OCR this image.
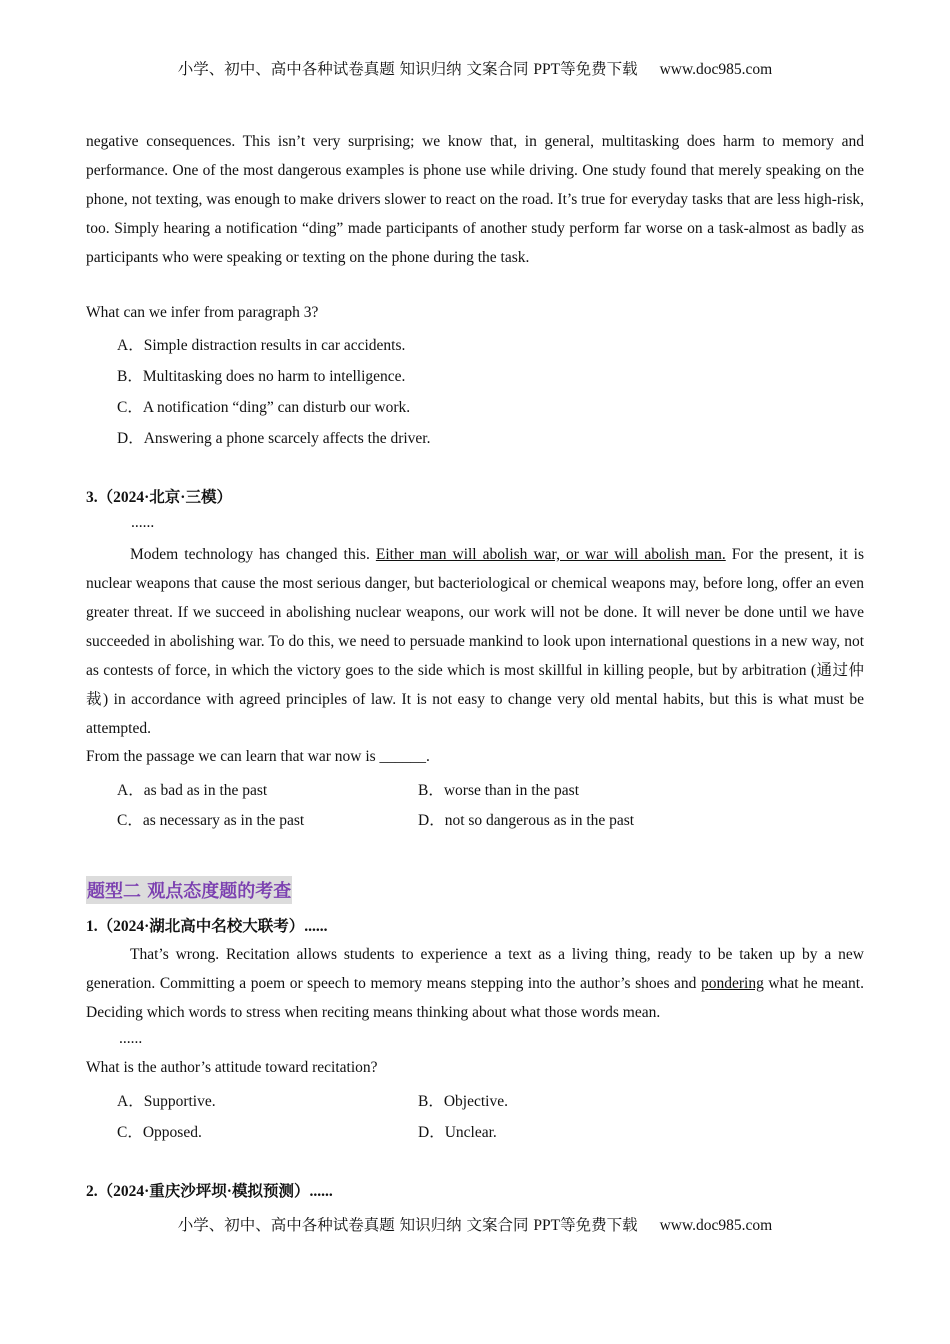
小学、初中、高中各种试卷真题 知识归纳 文案合同 PPT等免费下载 www.doc985.com
negative consequences. This isn’t very surprising; we know that, in general, multitasking does harm to memory and performance. One of the most dangerous examples is phone use while driving. One study found that merely speaking on the phone, not texting, was enough to make drivers slower to react on the road. It’s true for everyday tasks that are less high-risk, too. Simply hearing a notification “ding” made participants of another study perform far worse on a task-almost as badly as participants who were speaking or texting on the phone during the task.
What can we infer from paragraph 3?
A．Simple distraction results in car accidents.
B．Multitasking does no harm to intelligence.
C．A notification “ding” can disturb our work.
D．Answering a phone scarcely affects the driver.
3.（2024·北京·三模）
......
Modem technology has changed this. Either man will abolish war, or war will abolish man. For the present, it is nuclear weapons that cause the most serious danger, but bacteriological or chemical weapons may, before long, offer an even greater threat. If we succeed in abolishing nuclear weapons, our work will not be done. It will never be done until we have succeeded in abolishing war. To do this, we need to persuade mankind to look upon international questions in a new way, not as contests of force, in which the victory goes to the side which is most skillful in killing people, but by arbitration (通过仲裁) in accordance with agreed principles of law. It is not easy to change very old mental habits, but this is what must be attempted.
From the passage we can learn that war now is ______.
A．as bad as in the past	B．worse than in the past
C．as necessary as in the past	D．not so dangerous as in the past
题型二 观点态度题的考查
1.（2024·湖北高中名校大联考）......
That’s wrong. Recitation allows students to experience a text as a living thing, ready to be taken up by a new generation. Committing a poem or speech to memory means stepping into the author’s shoes and pondering what he meant. Deciding which words to stress when reciting means thinking about what those words mean.
......
What is the author’s attitude toward recitation?
A．Supportive.	B．Objective.
C．Opposed.	D．Unclear.
2.（2024·重庆沙坪坝·模拟预测）......
小学、初中、高中各种试卷真题 知识归纳 文案合同 PPT等免费下载 www.doc985.com
